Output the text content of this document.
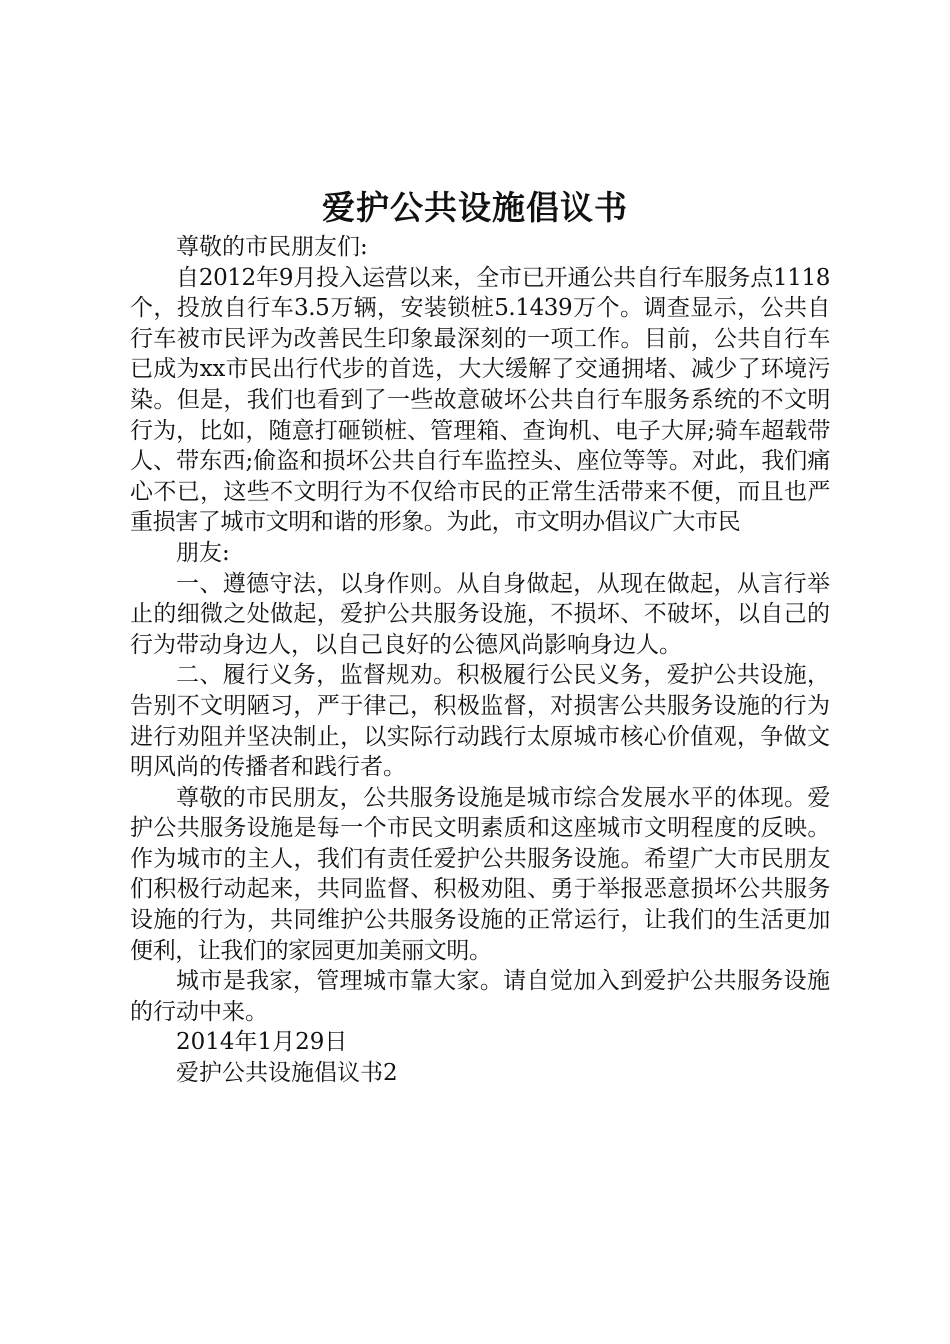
爱护公共设施倡议书

尊敬的市民朋友们:

自2012年9月投入运营以来，全市已开通公共自行车服务点1118个，投放自行车3.5万辆，安装锁桩5.1439万个。调查显示，公共自行车被市民评为改善民生印象最深刻的一项工作。目前，公共自行车已成为xx市民出行代步的首选，大大缓解了交通拥堵、减少了环境污染。但是，我们也看到了一些故意破坏公共自行车服务系统的不文明行为，比如，随意打砸锁桩、管理箱、查询机、电子大屏;骑车超载带人、带东西;偷盗和损坏公共自行车监控头、座位等等。对此，我们痛心不已，这些不文明行为不仅给市民的正常生活带来不便，而且也严重损害了城市文明和谐的形象。为此，市文明办倡议广大市民

朋友:

一、遵德守法，以身作则。从自身做起，从现在做起，从言行举止的细微之处做起，爱护公共服务设施，不损坏、不破坏，以自己的行为带动身边人，以自己良好的公德风尚影响身边人。

二、履行义务，监督规劝。积极履行公民义务，爱护公共设施，告别不文明陋习，严于律己，积极监督，对损害公共服务设施的行为进行劝阻并坚决制止，以实际行动践行太原城市核心价值观，争做文明风尚的传播者和践行者。

尊敬的市民朋友，公共服务设施是城市综合发展水平的体现。爱护公共服务设施是每一个市民文明素质和这座城市文明程度的反映。作为城市的主人，我们有责任爱护公共服务设施。希望广大市民朋友们积极行动起来，共同监督、积极劝阻、勇于举报恶意损坏公共服务设施的行为，共同维护公共服务设施的正常运行，让我们的生活更加便利，让我们的家园更加美丽文明。

城市是我家，管理城市靠大家。请自觉加入到爱护公共服务设施的行动中来。

2014年1月29日

爱护公共设施倡议书2
